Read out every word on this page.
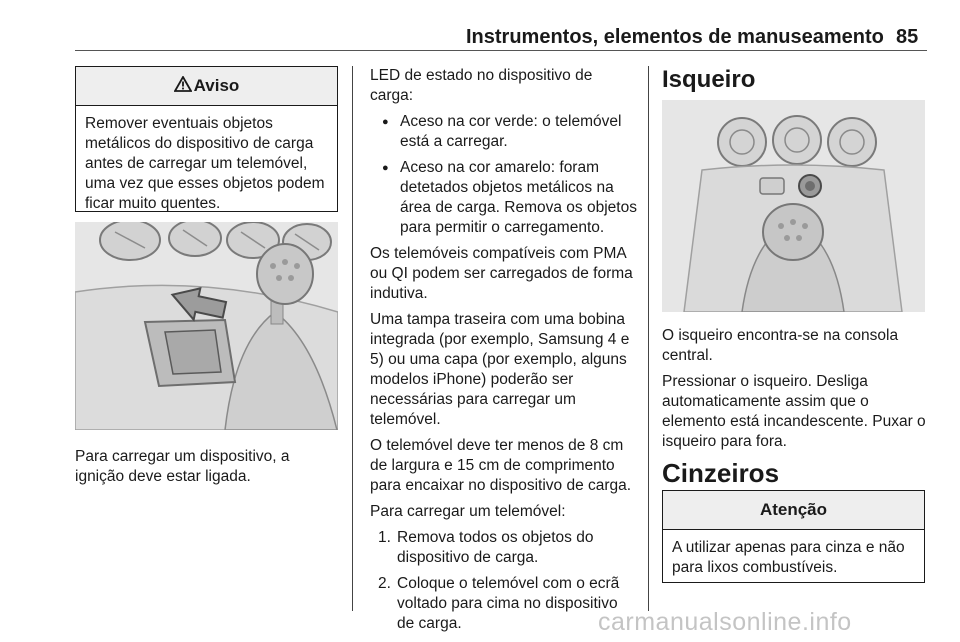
Instrumentos, elementos de manuseamento 85
Aviso
Remover eventuais objetos metálicos do dispositivo de carga antes de carregar um telemóvel, uma vez que esses objetos podem ficar muito quentes.
Para carregar um dispositivo, a ignição deve estar ligada.

LED de estado no dispositivo de carga:

● Aceso na cor verde: o telemóvel está a carregar.
● Aceso na cor amarelo: foram detetados objetos metálicos na área de carga. Remova os objetos para permitir o carregamento.

Os telemóveis compatíveis com PMA ou QI podem ser carregados de forma indutiva.

Uma tampa traseira com uma bobina integrada (por exemplo, Samsung 4 e 5) ou uma capa (por exemplo, alguns modelos iPhone) poderão ser necessárias para carregar um telemóvel.

O telemóvel deve ter menos de 8 cm de largura e 15 cm de comprimento para encaixar no dispositivo de carga.

Para carregar um telemóvel:

1. Remova todos os objetos do dispositivo de carga.
2. Coloque o telemóvel com o ecrã voltado para cima no dispositivo de carga.
Isqueiro

O isqueiro encontra-se na consola central.

Pressionar o isqueiro. Desliga automaticamente assim que o elemento está incandescente. Puxar o isqueiro para fora.

Cinzeiros
Atenção
A utilizar apenas para cinza e não para lixos combustíveis.
carmanualsonline.info
